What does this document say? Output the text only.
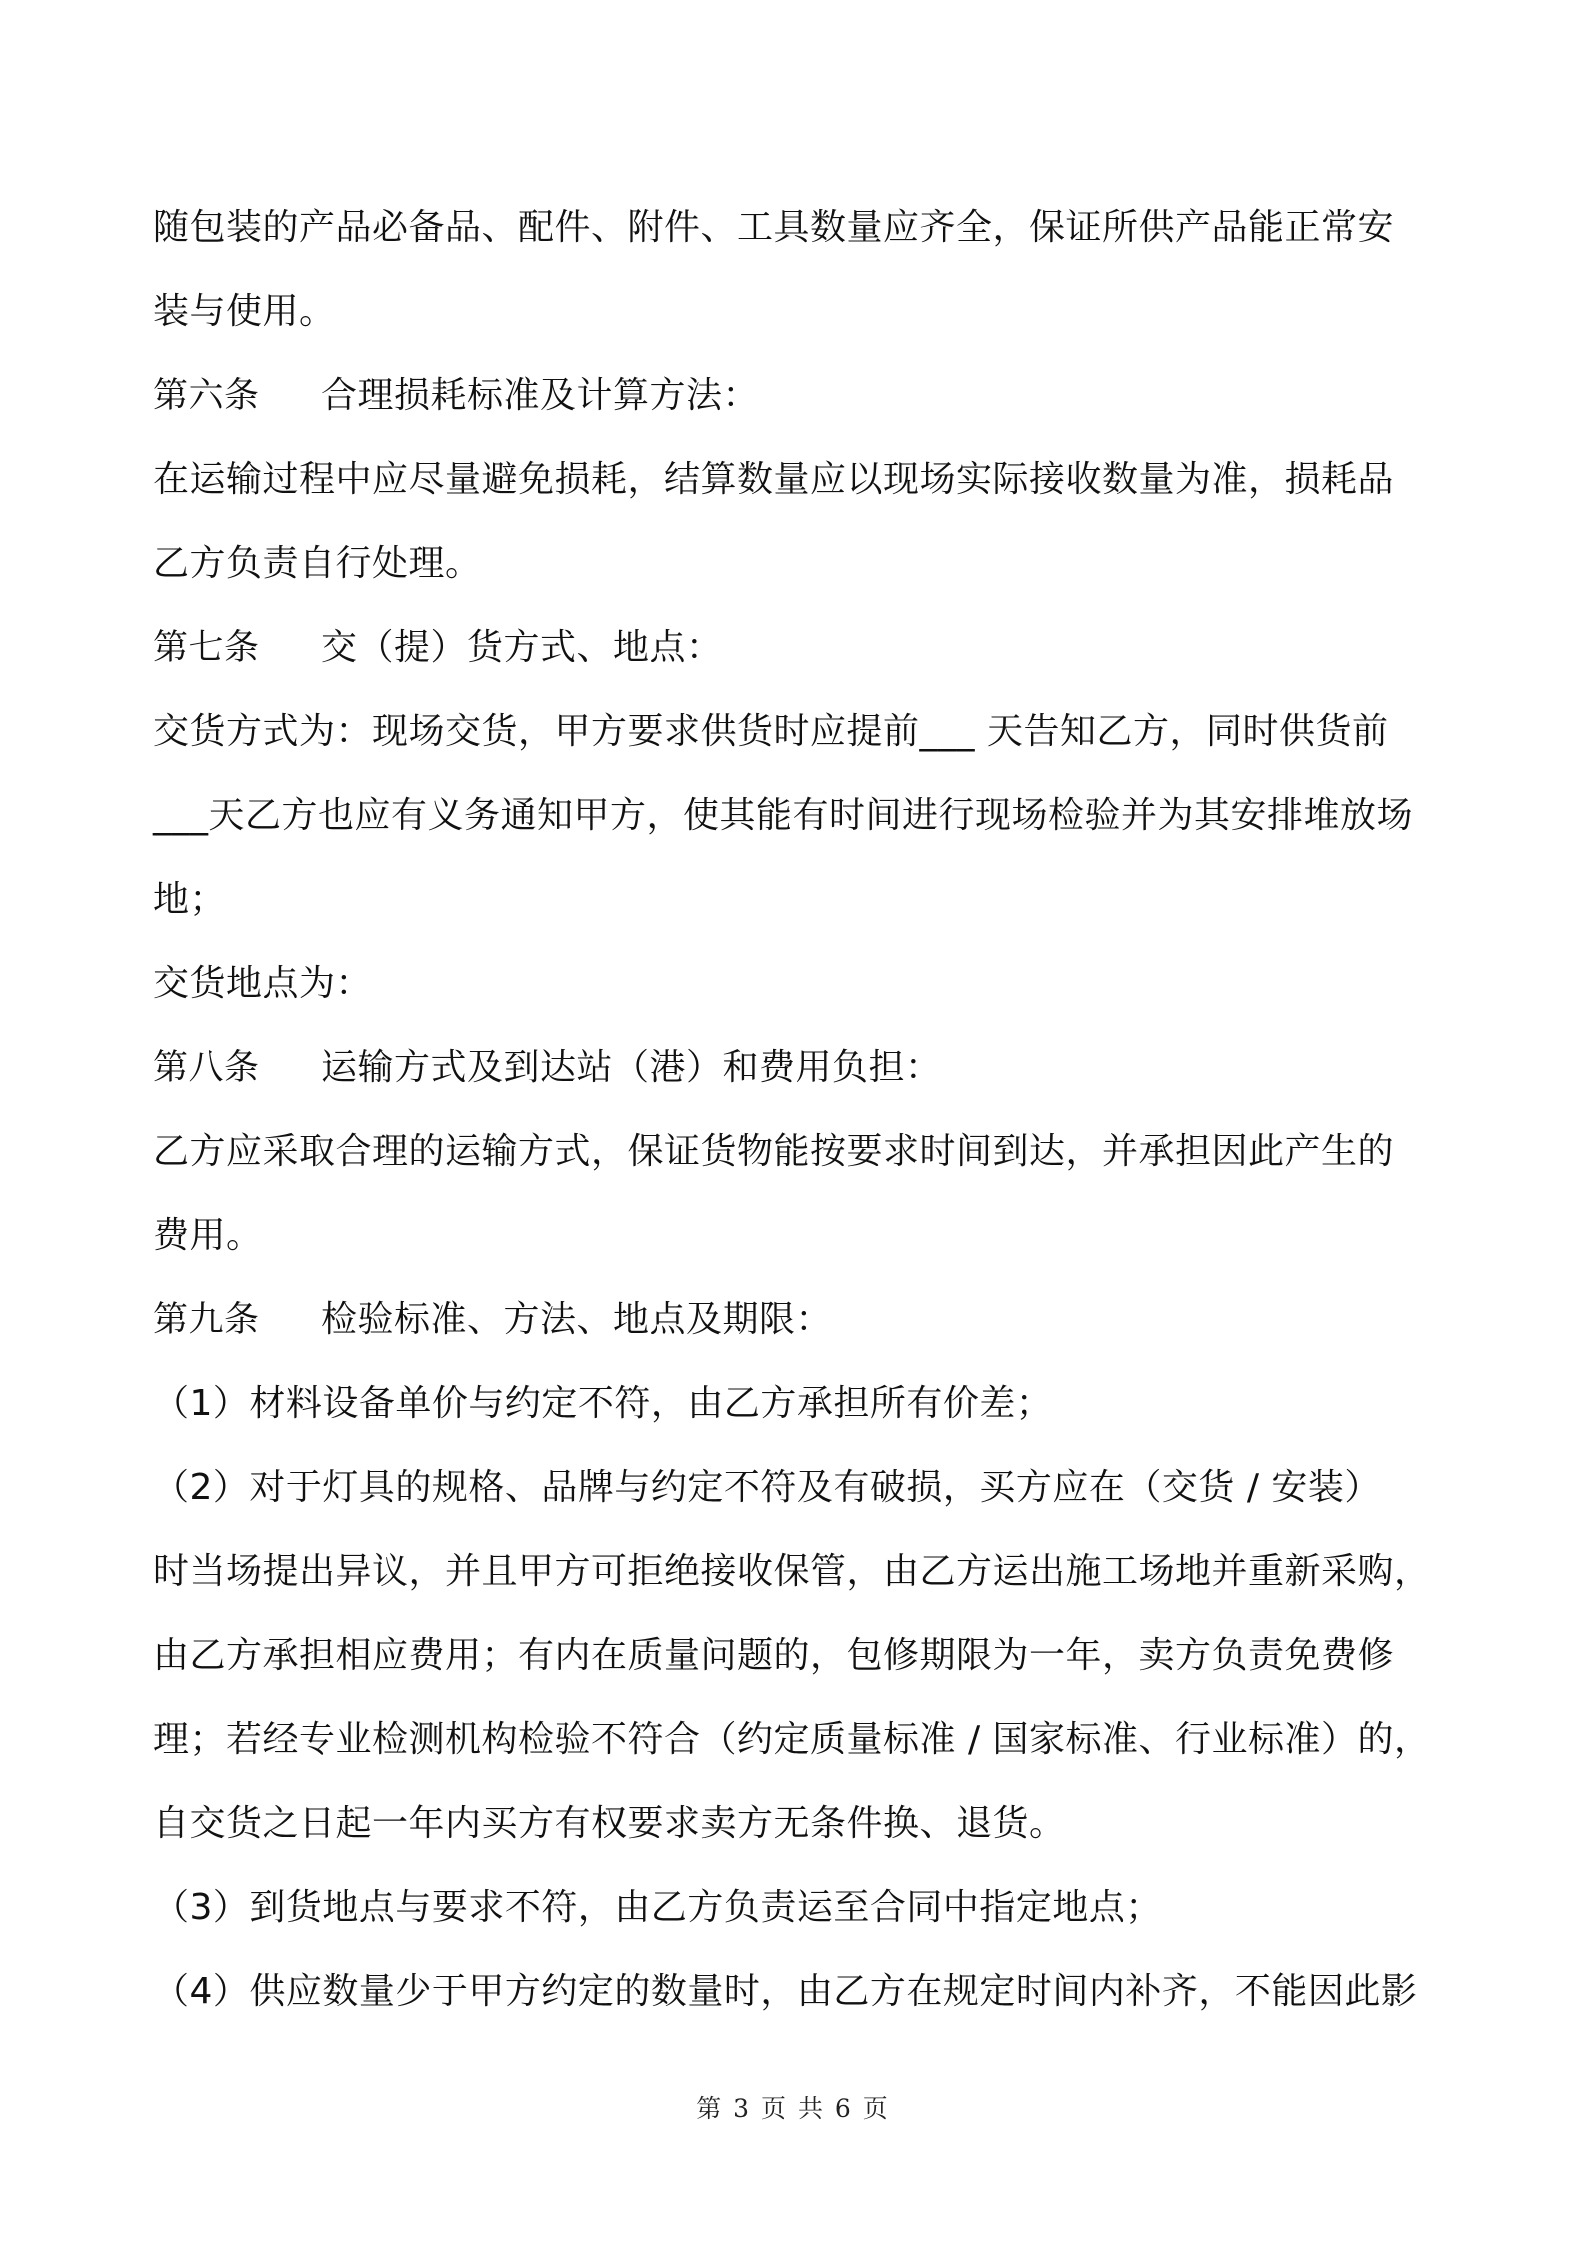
随包装的产品必备品、配件、附件、工具数量应齐全，保证所供产品能正常安
装与使用。
第六条 合理损耗标准及计算方法：
在运输过程中应尽量避免损耗，结算数量应以现场实际接收数量为准，损耗品
乙方负责自行处理。
第七条 交（提）货方式、地点：
交货方式为：现场交货，甲方要求供货时应提前___ 天告知乙方，同时供货前
___天乙方也应有义务通知甲方，使其能有时间进行现场检验并为其安排堆放场
地；
交货地点为：
第八条 运输方式及到达站（港）和费用负担：
乙方应采取合理的运输方式，保证货物能按要求时间到达，并承担因此产生的
费用。
第九条 检验标准、方法、地点及期限：
（1）材料设备单价与约定不符，由乙方承担所有价差；
（2）对于灯具的规格、品牌与约定不符及有破损，买方应在（交货 / 安装）
时当场提出异议，并且甲方可拒绝接收保管，由乙方运出施工场地并重新采购，
由乙方承担相应费用；有内在质量问题的，包修期限为一年，卖方负责免费修
理；若经专业检测机构检验不符合（约定质量标准 / 国家标准、行业标准）的，
自交货之日起一年内买方有权要求卖方无条件换、退货。
（3）到货地点与要求不符，由乙方负责运至合同中指定地点；
（4）供应数量少于甲方约定的数量时，由乙方在规定时间内补齐，不能因此影
第 3 页 共 6 页
